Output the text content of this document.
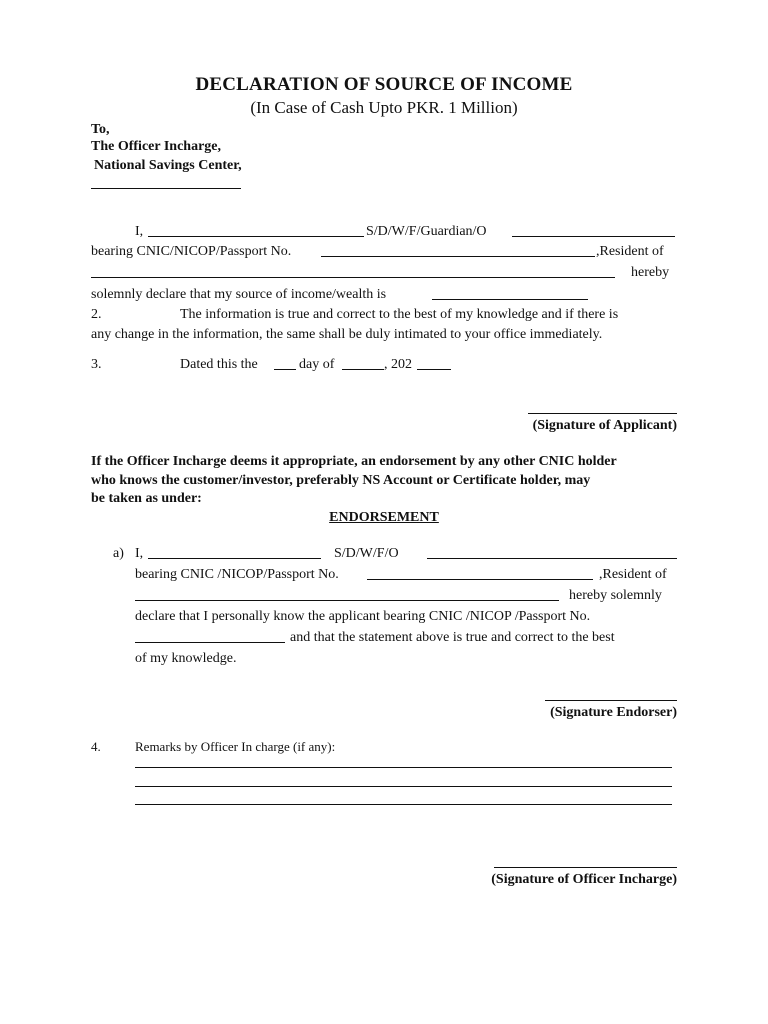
DECLARATION OF SOURCE OF INCOME
(In Case of Cash Upto PKR. 1 Million)
To,
The Officer Incharge,
National Savings Center,
I,	S/D/W/F/Guardian/O
bearing CNIC/NICOP/Passport No.	,Resident of
hereby
solemnly declare that my source of income/wealth is
2.	The information is true and correct to the best of my knowledge and if there is
any change in the information, the same shall be duly intimated to your office immediately.
3.	Dated this the	day of	, 202
(Signature of Applicant)
If the Officer Incharge deems it appropriate, an endorsement by any other CNIC holder
who knows the customer/investor, preferably NS Account or Certificate holder, may
be taken as under:
ENDORSEMENT
a) I,	S/D/W/F/O
bearing CNIC /NICOP/Passport No.	,Resident of
hereby solemnly
declare that I personally know the applicant bearing CNIC /NICOP /Passport No.
and that the statement above is true and correct to the best
of my knowledge.
(Signature Endorser)
4.	Remarks by Officer In charge (if any):
(Signature of Officer Incharge)
